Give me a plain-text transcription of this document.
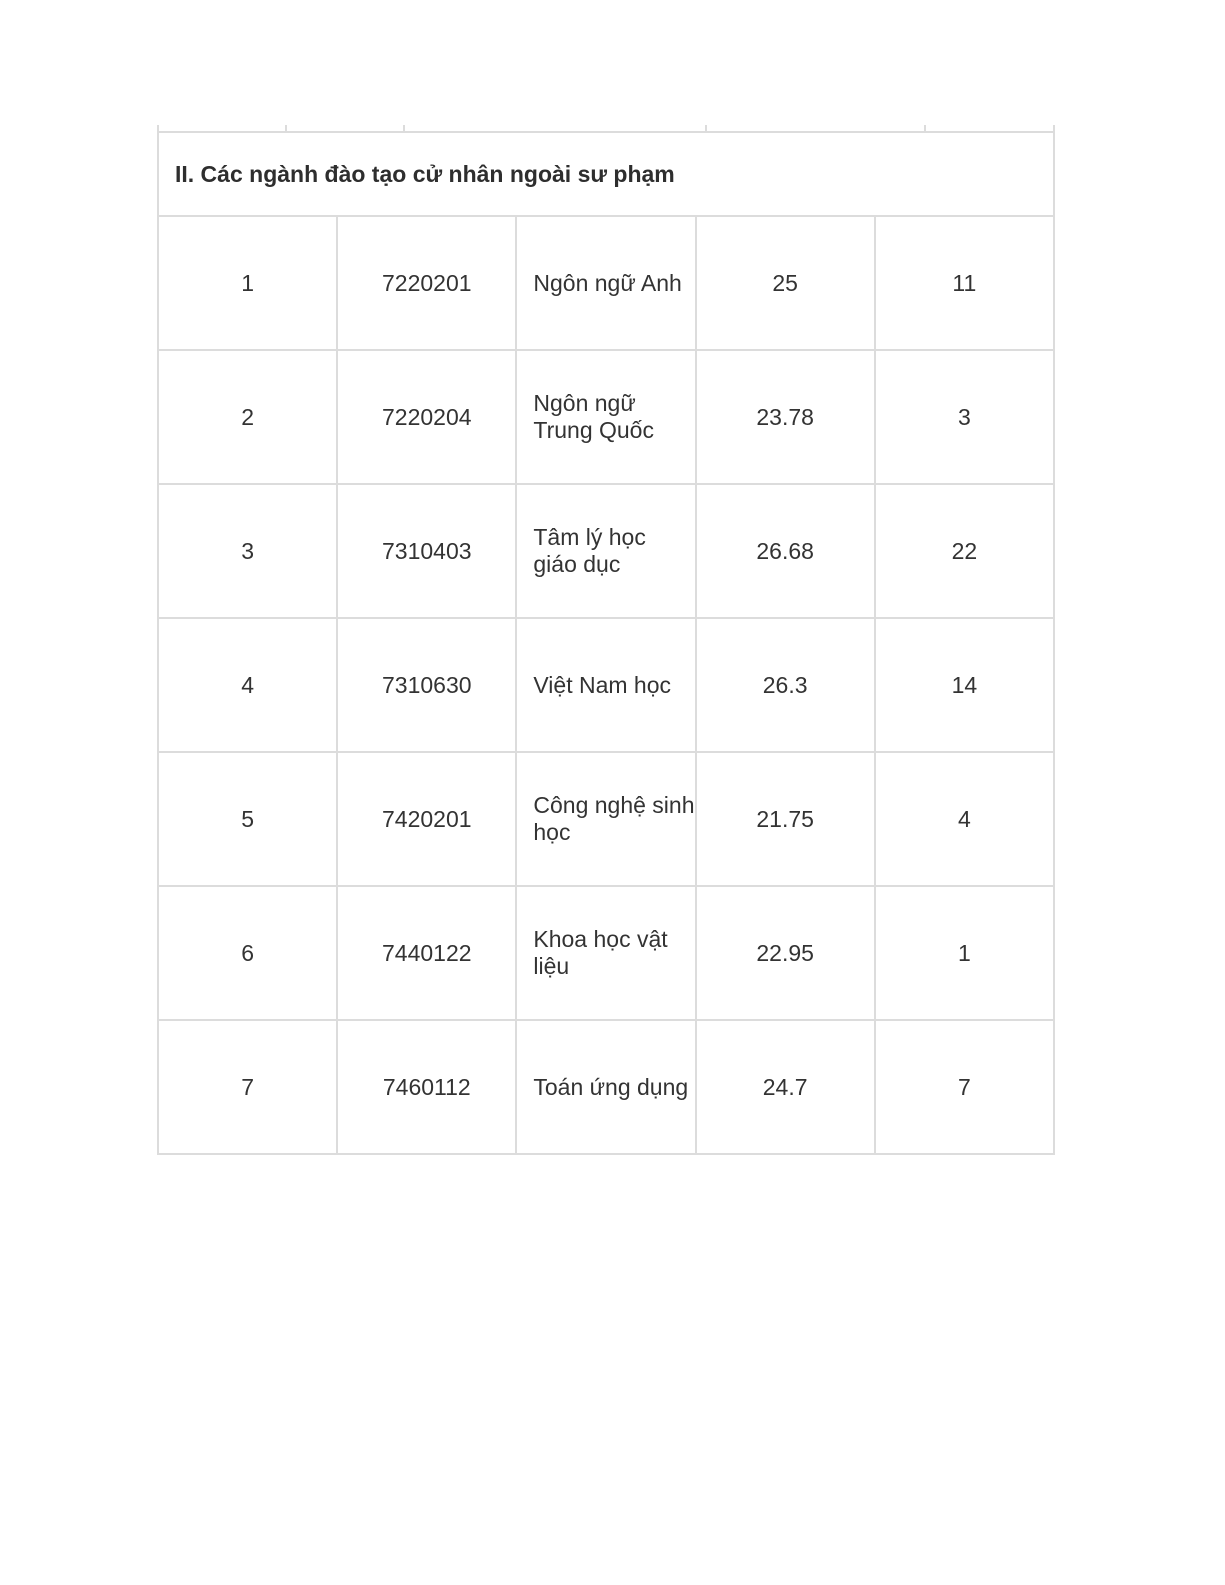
II. Các ngành đào tạo cử nhân ngoài sư phạm				
1	7220201	Ngôn ngữ Anh	25	11
2	7220204	Ngôn ngữ Trung Quốc	23.78	3
3	7310403	Tâm lý học giáo dục	26.68	22
4	7310630	Việt Nam học	26.3	14
5	7420201	Công nghệ sinh học	21.75	4
6	7440122	Khoa học vật liệu	22.95	1
7	7460112	Toán ứng dụng	24.7	7
